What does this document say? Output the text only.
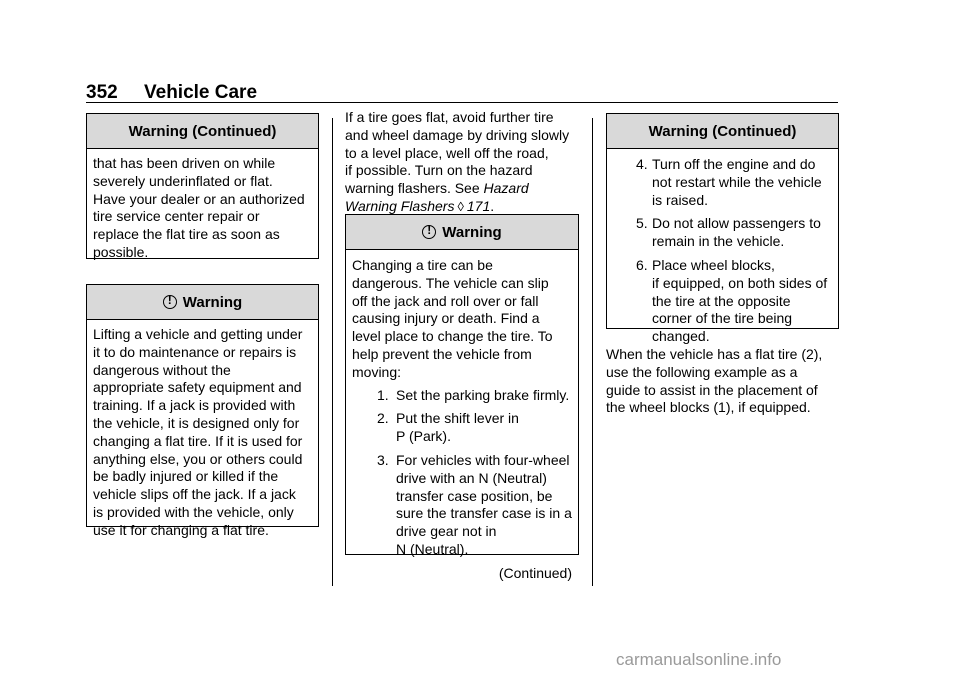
352 Vehicle Care
Warning (Continued)

that has been driven on while

severely underinflated or flat.

Have your dealer or an authorized

tire service center repair or

replace the flat tire as soon as

possible.

!
Warning

Lifting a vehicle and getting under

it to do maintenance or repairs is

dangerous without the

appropriate safety equipment and

training. If a jack is provided with

the vehicle, it is designed only for

changing a flat tire. If it is used for

anything else, you or others could

be badly injured or killed if the

vehicle slips off the jack. If a jack

is provided with the vehicle, only

use it for changing a flat tire.

If a tire goes flat, avoid further tire
and wheel damage by driving slowly
to a level place, well off the road,
if possible. Turn on the hazard
warning flashers. See Hazard
Warning Flashers ◊ 171.
!
Warning

Changing a tire can be

dangerous. The vehicle can slip

off the jack and roll over or fall

causing injury or death. Find a

level place to change the tire. To

help prevent the vehicle from

moving:

1. Set the parking brake firmly.
2. Put the shift lever in
P (Park).
3. For vehicles with four-wheel
drive with an N (Neutral)
transfer case position, be
sure the transfer case is in a
drive gear not in
N (Neutral).
(Continued)
Warning (Continued)
4. Turn off the engine and do
not restart while the vehicle
is raised.
5. Do not allow passengers to
remain in the vehicle.
6. Place wheel blocks,
if equipped, on both sides of
the tire at the opposite
corner of the tire being
changed.
When the vehicle has a flat tire (2),
use the following example as a
guide to assist in the placement of
the wheel blocks (1), if equipped.
carmanualsonline.info
